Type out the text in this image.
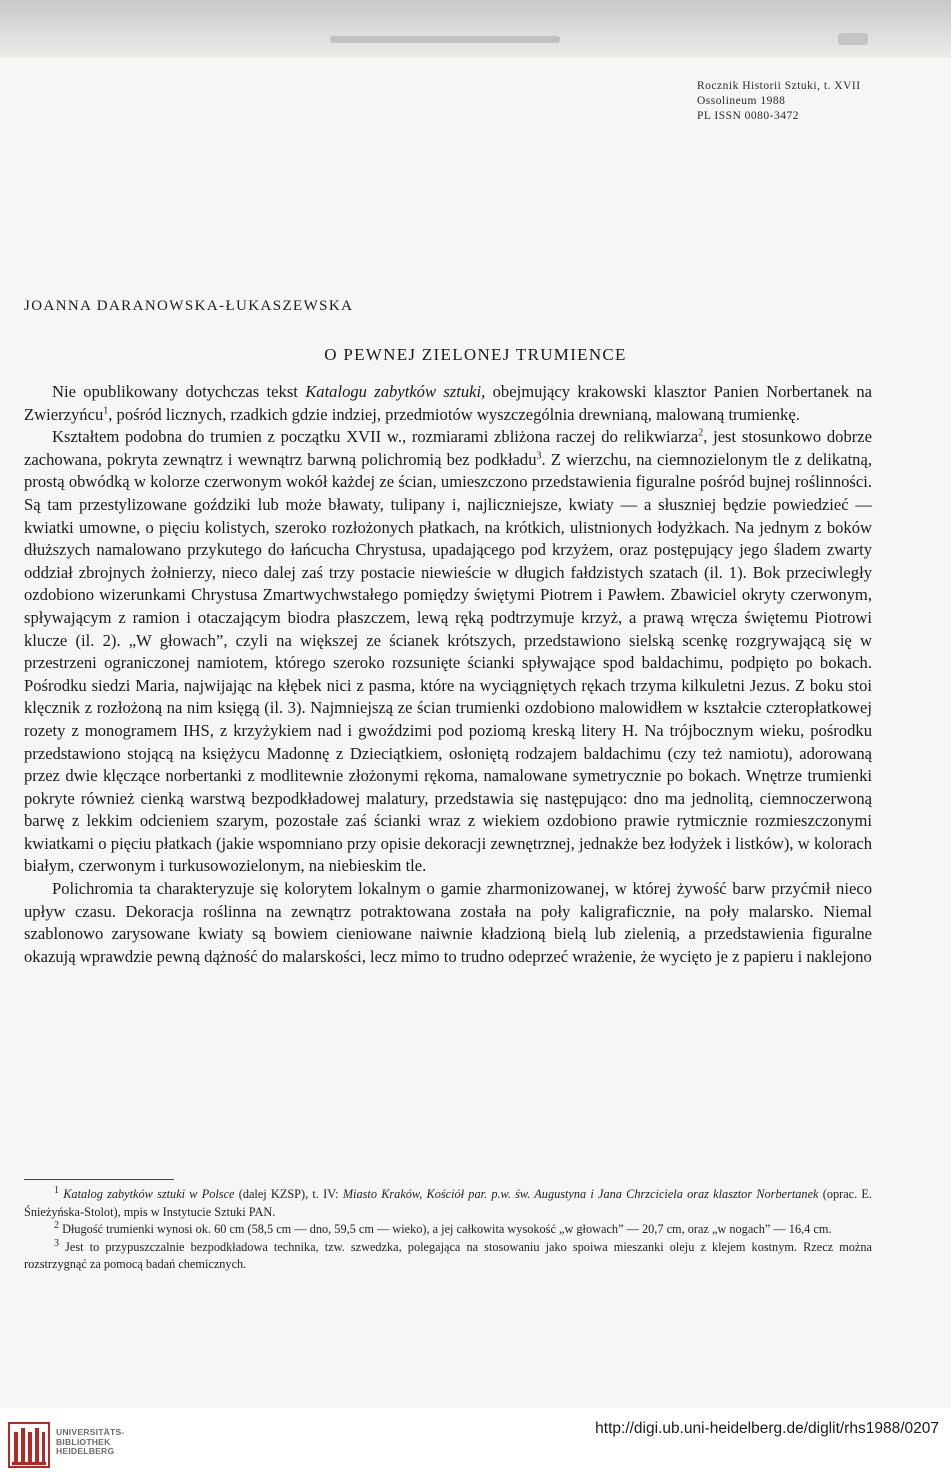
Rocznik Historii Sztuki, t. XVII
Ossolineum 1988
PL ISSN 0080-3472
JOANNA DARANOWSKA-ŁUKASZEWSKA
O PEWNEJ ZIELONEJ TRUMIENCE

Nie opublikowany dotychczas tekst Katalogu zabytków sztuki, obejmujący krakowski klasztor Panien Norbertanek na Zwierzyńcu$^1$, pośród licznych, rzadkich gdzie indziej, przedmiotów wyszczególnia drewnianą, malowaną trumienkę.

Kształtem podobna do trumien z początku XVII w., rozmiarami zbliżona raczej do relikwiarza$^2$, jest stosunkowo dobrze zachowana, pokryta zewnątrz i wewnątrz barwną polichromią bez podkładu$^3$. Z wierzchu, na ciemnozielonym tle z delikatną, prostą obwódką w kolorze czerwonym wokół każdej ze ścian, umieszczono przedstawienia figuralne pośród bujnej roślinności. Są tam przestylizowane goździki lub może bławaty, tulipany i, najliczniejsze, kwiaty — a słuszniej będzie powiedzieć — kwiatki umowne, o pięciu kolistych, szeroko rozłożonych płatkach, na krótkich, ulistnionych łodyżkach. Na jednym z boków dłuższych namalowano przykutego do łańcucha Chrystusa, upadającego pod krzyżem, oraz postępujący jego śladem zwarty oddział zbrojnych żołnierzy, nieco dalej zaś trzy postacie niewieście w długich fałdzistych szatach (il. 1). Bok przeciwległy ozdobiono wizerunkami Chrystusa Zmartwychwstałego pomiędzy świętymi Piotrem i Pawłem. Zbawiciel okryty czerwonym, spływającym z ramion i otaczającym biodra płaszczem, lewą ręką podtrzymuje krzyż, a prawą wręcza świętemu Piotrowi klucze (il. 2). „W głowach”, czyli na większej ze ścianek krótszych, przedstawiono sielską scenkę rozgrywającą się w przestrzeni ograniczonej namiotem, którego szeroko rozsunięte ścianki spływające spod baldachimu, podpięto po bokach. Pośrodku siedzi Maria, najwijając na kłębek nici z pasma, które na wyciągniętych rękach trzyma kilkuletni Jezus. Z boku stoi klęcznik z rozłożoną na nim księgą (il. 3). Najmniejszą ze ścian trumienki ozdobiono malowidłem w kształcie czteropłatkowej rozety z monogramem IHS, z krzyżykiem nad i gwoździmi pod poziomą kreską litery H. Na trójbocznym wieku, pośrodku przedstawiono stojącą na księżycu Madonnę z Dzieciątkiem, osłoniętą rodzajem baldachimu (czy też namiotu), adorowaną przez dwie klęczące norbertanki z modlitewnie złożonymi rękoma, namalowane symetrycznie po bokach. Wnętrze trumienki pokryte również cienką warstwą bezpodkładowej malatury, przedstawia się następująco: dno ma jednolitą, ciemnoczerwoną barwę z lekkim odcieniem szarym, pozostałe zaś ścianki wraz z wiekiem ozdobiono prawie rytmicznie rozmieszczonymi kwiatkami o pięciu płatkach (jakie wspomniano przy opisie dekoracji zewnętrznej, jednakże bez łodyżek i listków), w kolorach białym, czerwonym i turkusowozielonym, na niebieskim tle.

Polichromia ta charakteryzuje się kolorytem lokalnym o gamie zharmonizowanej, w której żywość barw przyćmił nieco upływ czasu. Dekoracja roślinna na zewnątrz potraktowana została na poły kaligraficznie, na poły malarsko. Niemal szablonowo zarysowane kwiaty są bowiem cieniowane naiwnie kładzioną bielą lub zielenią, a przedstawienia figuralne okazują wprawdzie pewną dążność do malarskości, lecz mimo to trudno odeprzeć wrażenie, że wycięto je z papieru i naklejono

$^1$ Katalog zabytków sztuki w Polsce (dalej KZSP), t. IV: Miasto Kraków, Kościół par. p.w. św. Augustyna i Jana Chrzciciela oraz klasztor Norbertanek (oprac. E. Śnieżyńska-Stolot), mpis w Instytucie Sztuki PAN.

$^2$ Długość trumienki wynosi ok. 60 cm (58,5 cm — dno, 59,5 cm — wieko), a jej całkowita wysokość „w głowach” — 20,7 cm, oraz „w nogach” — 16,4 cm.

$^3$ Jest to przypuszczalnie bezpodkładowa technika, tzw. szwedzka, polegająca na stosowaniu jako spoiwa mieszanki oleju z klejem kostnym. Rzecz można rozstrzygnąć za pomocą badań chemicznych.

UNIVERSITÄTS-
BIBLIOTHEK
HEIDELBERG
http://digi.ub.uni-heidelberg.de/diglit/rhs1988/0207
